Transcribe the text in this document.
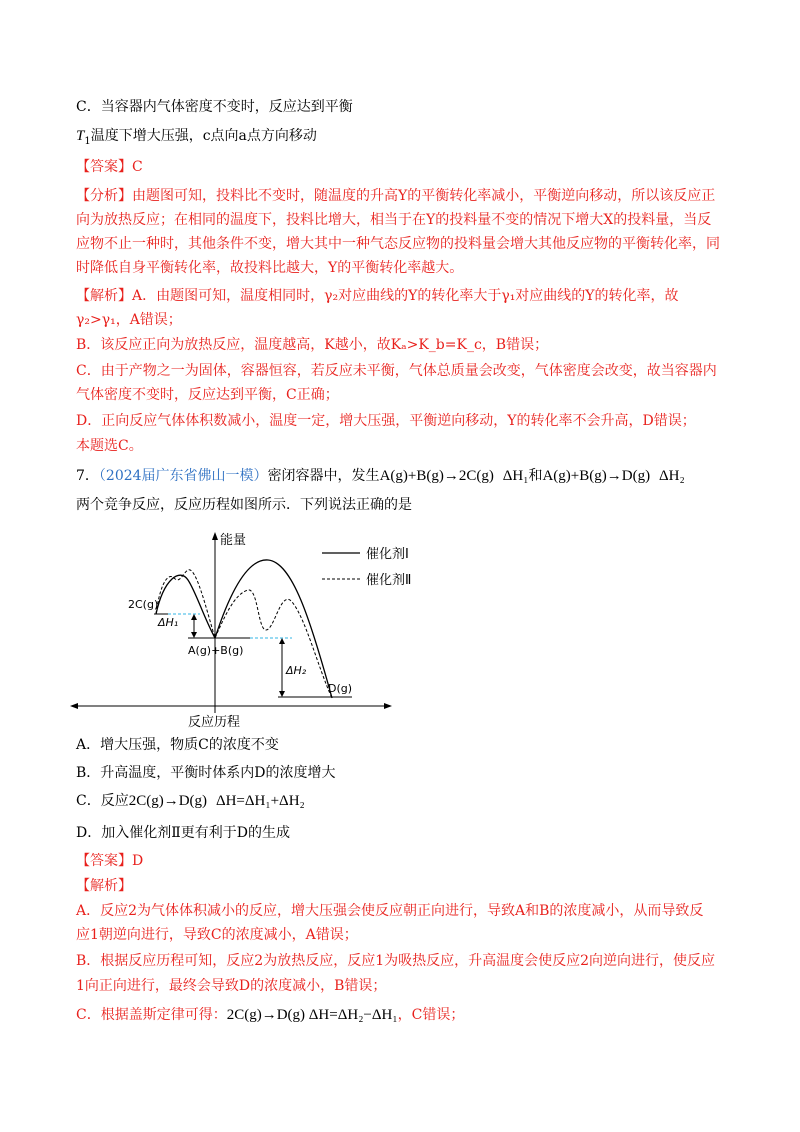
C．当容器内气体密度不变时，反应达到平衡
$T_1$温度下增大压强，c点向a点方向移动
【答案】C
【分析】由题图可知，投料比不变时，随温度的升高Y的平衡转化率减小，平衡逆向移动，所以该反应正
向为放热反应；在相同的温度下，投料比增大，相当于在Y的投料量不变的情况下增大X的投料量，当反
应物不止一种时，其他条件不变，增大其中一种气态反应物的投料量会增大其他反应物的平衡转化率，同
时降低自身平衡转化率，故投料比越大，Y的平衡转化率越大。
【解析】A．由题图可知，温度相同时，γ₂对应曲线的Y的转化率大于γ₁对应曲线的Y的转化率，故
γ₂>γ₁，A错误；
B．该反应正向为放热反应，温度越高，K越小，故Kₐ>K_b=K_c，B错误；
C．由于产物之一为固体，容器恒容，若反应未平衡，气体总质量会改变，气体密度会改变，故当容器内
气体密度不变时，反应达到平衡，C正确；
D．正向反应气体体积数减小，温度一定，增大压强，平衡逆向移动，Y的转化率不会升高，D错误；
本题选C。
7．（2024届广东省佛山一模）密闭容器中，发生A(g)+B(g)→2C(g) ΔH₁和A(g)+B(g)→D(g) ΔH₂
两个竞争反应，反应历程如图所示．下列说法正确的是
能量
反应历程
催化剂Ⅰ
催化剂Ⅱ
ΔH₁
ΔH₂
2C(g)
A(g)+B(g)
D(g)
A．增大压强，物质C的浓度不变
B．升高温度，平衡时体系内D的浓度增大
C．反应2C(g)→D(g) ΔH=ΔH₁+ΔH₂
D．加入催化剂Ⅱ更有利于D的生成
【答案】D
【解析】
A．反应2为气体体积减小的反应，增大压强会使反应朝正向进行，导致A和B的浓度减小，从而导致反
应1朝逆向进行，导致C的浓度减小，A错误；
B．根据反应历程可知，反应2为放热反应，反应1为吸热反应，升高温度会使反应2向逆向进行，使反应
1向正向进行，最终会导致D的浓度减小，B错误；
C．根据盖斯定律可得：2C(g)→D(g) ΔH=ΔH₂−ΔH₁，C错误；
